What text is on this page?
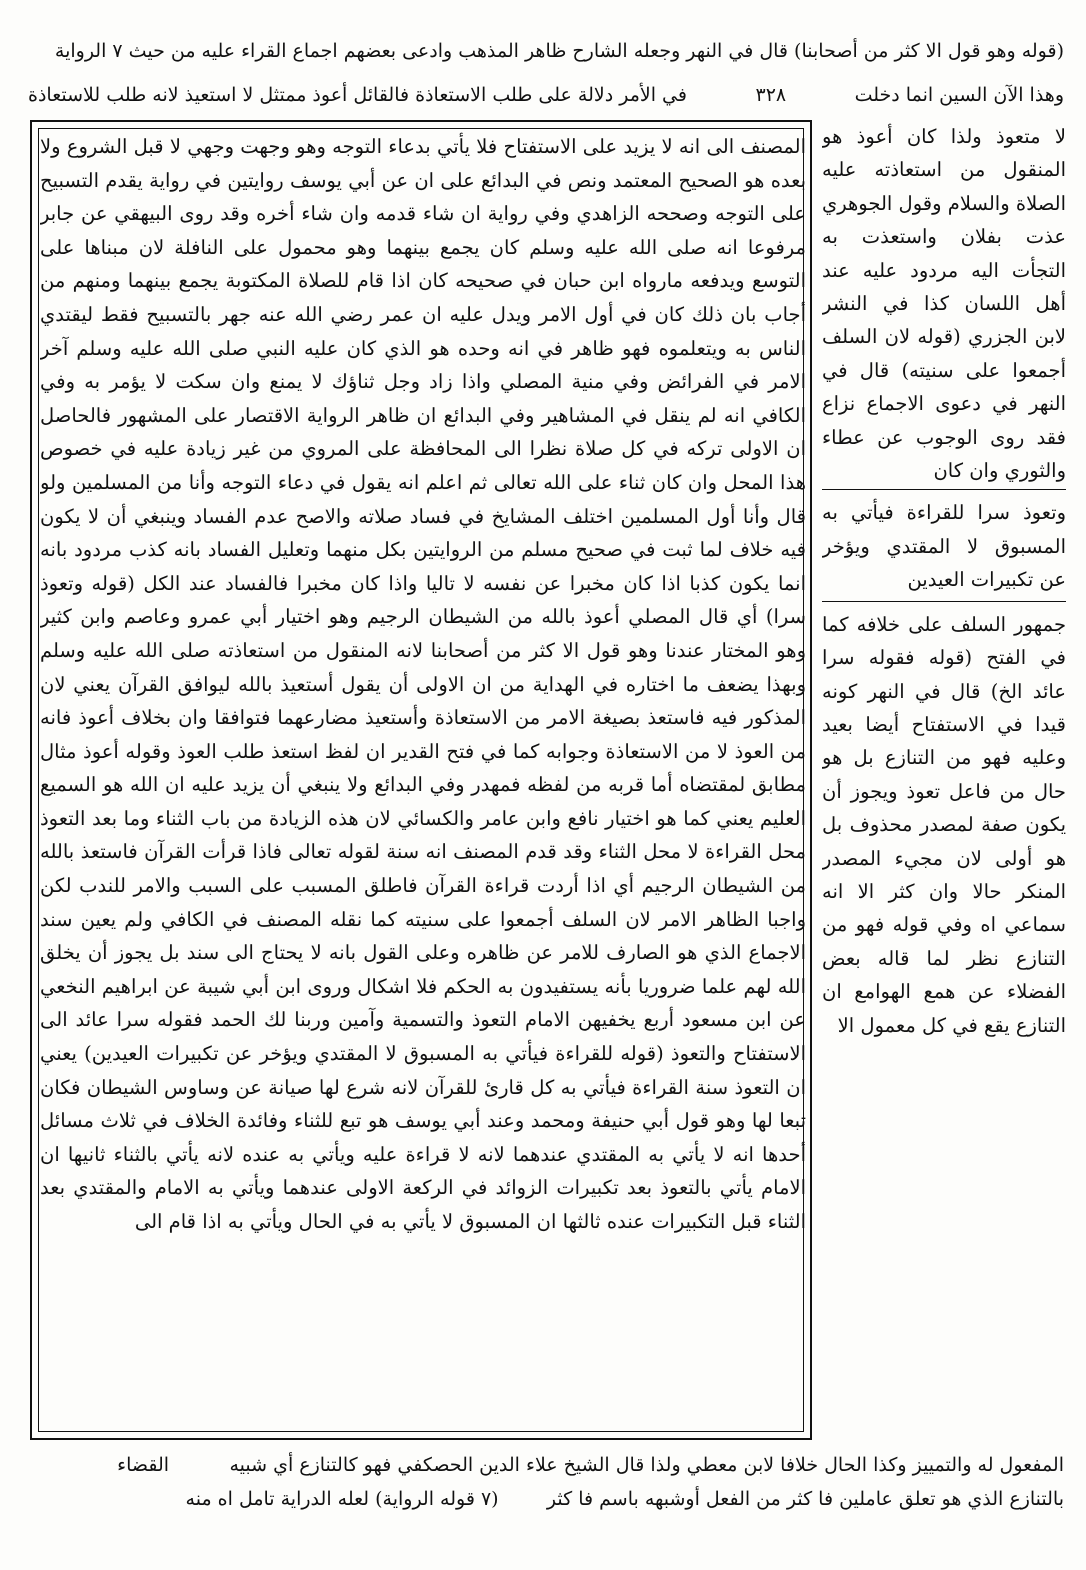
(قوله وهو قول الا كثر من أصحابنا) قال في النهر وجعله الشارح ظاهر المذهب وادعى بعضهم اجماع القراء عليه من حيث ٧ الرواية
وهذا الآن السين انما دخلت
٣٢٨
في الأمر دلالة على طلب الاستعاذة فالقائل أعوذ ممتثل لا استعيذ لانه طلب للاستعاذة

المصنف الى انه لا يزيد على الاستفتاح فلا يأتي بدعاء التوجه وهو وجهت وجهي لا قبل الشروع ولا بعده هو الصحيح المعتمد ونص في البدائع على ان عن أبي يوسف روايتين في رواية يقدم التسبيح على التوجه وصححه الزاهدي وفي رواية ان شاء قدمه وان شاء أخره وقد روى البيهقي عن جابر مرفوعا انه صلى الله عليه وسلم كان يجمع بينهما وهو محمول على النافلة لان مبناها على التوسع ويدفعه مارواه ابن حبان في صحيحه كان اذا قام للصلاة المكتوبة يجمع بينهما ومنهم من أجاب بان ذلك كان في أول الامر ويدل عليه ان عمر رضي الله عنه جهر بالتسبيح فقط ليقتدي الناس به ويتعلموه فهو ظاهر في انه وحده هو الذي كان عليه النبي صلى الله عليه وسلم آخر الامر في الفرائض وفي منية المصلي واذا زاد وجل ثناؤك لا يمنع وان سكت لا يؤمر به وفي الكافي انه لم ينقل في المشاهير وفي البدائع ان ظاهر الرواية الاقتصار على المشهور فالحاصل ان الاولى تركه في كل صلاة نظرا الى المحافظة على المروي من غير زيادة عليه في خصوص هذا المحل وان كان ثناء على الله تعالى ثم اعلم انه يقول في دعاء التوجه وأنا من المسلمين ولو قال وأنا أول المسلمين اختلف المشايخ في فساد صلاته والاصح عدم الفساد وينبغي أن لا يكون فيه خلاف لما ثبت في صحيح مسلم من الروايتين بكل منهما وتعليل الفساد بانه كذب مردود بانه انما يكون كذبا اذا كان مخبرا عن نفسه لا تاليا واذا كان مخبرا فالفساد عند الكل (قوله وتعوذ سرا) أي قال المصلي أعوذ بالله من الشيطان الرجيم وهو اختيار أبي عمرو وعاصم وابن كثير وهو المختار عندنا وهو قول الا كثر من أصحابنا لانه المنقول من استعاذته صلى الله عليه وسلم وبهذا يضعف ما اختاره في الهداية من ان الاولى أن يقول أستعيذ بالله ليوافق القرآن يعني لان المذكور فيه فاستعذ بصيغة الامر من الاستعاذة وأستعيذ مضارعهما فتوافقا وان بخلاف أعوذ فانه من العوذ لا من الاستعاذة وجوابه كما في فتح القدير ان لفظ استعذ طلب العوذ وقوله أعوذ مثال مطابق لمقتضاه أما قربه من لفظه فمهدر وفي البدائع ولا ينبغي أن يزيد عليه ان الله هو السميع العليم يعني كما هو اختيار نافع وابن عامر والكسائي لان هذه الزيادة من باب الثناء وما بعد التعوذ محل القراءة لا محل الثناء وقد قدم المصنف انه سنة لقوله تعالى فاذا قرأت القرآن فاستعذ بالله من الشيطان الرجيم أي اذا أردت قراءة القرآن فاطلق المسبب على السبب والامر للندب لكن واجبا الظاهر الامر لان السلف أجمعوا على سنيته كما نقله المصنف في الكافي ولم يعين سند الاجماع الذي هو الصارف للامر عن ظاهره وعلى القول بانه لا يحتاج الى سند بل يجوز أن يخلق الله لهم علما ضروريا بأنه يستفيدون به الحكم فلا اشكال وروى ابن أبي شيبة عن ابراهيم النخعي عن ابن مسعود أربع يخفيهن الامام التعوذ والتسمية وآمين وربنا لك الحمد فقوله سرا عائد الى الاستفتاح والتعوذ (قوله للقراءة فيأتي به المسبوق لا المقتدي ويؤخر عن تكبيرات العيدين) يعني ان التعوذ سنة القراءة فيأتي به كل قارئ للقرآن لانه شرع لها صيانة عن وساوس الشيطان فكان تبعا لها وهو قول أبي حنيفة ومحمد وعند أبي يوسف هو تبع للثناء وفائدة الخلاف في ثلاث مسائل أحدها انه لا يأتي به المقتدي عندهما لانه لا قراءة عليه ويأتي به عنده لانه يأتي بالثناء ثانيها ان الامام يأتي بالتعوذ بعد تكبيرات الزوائد في الركعة الاولى عندهما ويأتي به الامام والمقتدي بعد الثناء قبل التكبيرات عنده ثالثها ان المسبوق لا يأتي به في الحال ويأتي به اذا قام الى

لا متعوذ ولذا كان أعوذ هو المنقول من استعاذته عليه الصلاة والسلام وقول الجوهري عذت بفلان واستعذت به التجأت اليه مردود عليه عند أهل اللسان كذا في النشر لابن الجزري (قوله لان السلف أجمعوا على سنيته) قال في النهر في دعوى الاجماع نزاع فقد روى الوجوب عن عطاء والثوري وان كان

وتعوذ سرا للقراءة فيأتي به المسبوق لا المقتدي ويؤخر عن تكبيرات العيدين

جمهور السلف على خلافه كما في الفتح (قوله فقوله سرا عائد الخ) قال في النهر كونه قيدا في الاستفتاح أيضا بعيد وعليه فهو من التنازع بل هو حال من فاعل تعوذ ويجوز أن يكون صفة لمصدر محذوف بل هو أولى لان مجيء المصدر المنكر حالا وان كثر الا انه سماعي اه وفي قوله فهو من التنازع نظر لما قاله بعض الفضلاء عن همع الهوامع ان التنازع يقع في كل معمول الا

المفعول له والتمييز وكذا الحال خلافا لابن معطي ولذا قال الشيخ علاء الدين الحصكفي فهو كالتنازع أي شبيه          القضاء

بالتنازع الذي هو تعلق عاملين فا كثر من الفعل أوشبهه باسم فا كثر        (٧ قوله الرواية) لعله الدراية تامل اه منه
